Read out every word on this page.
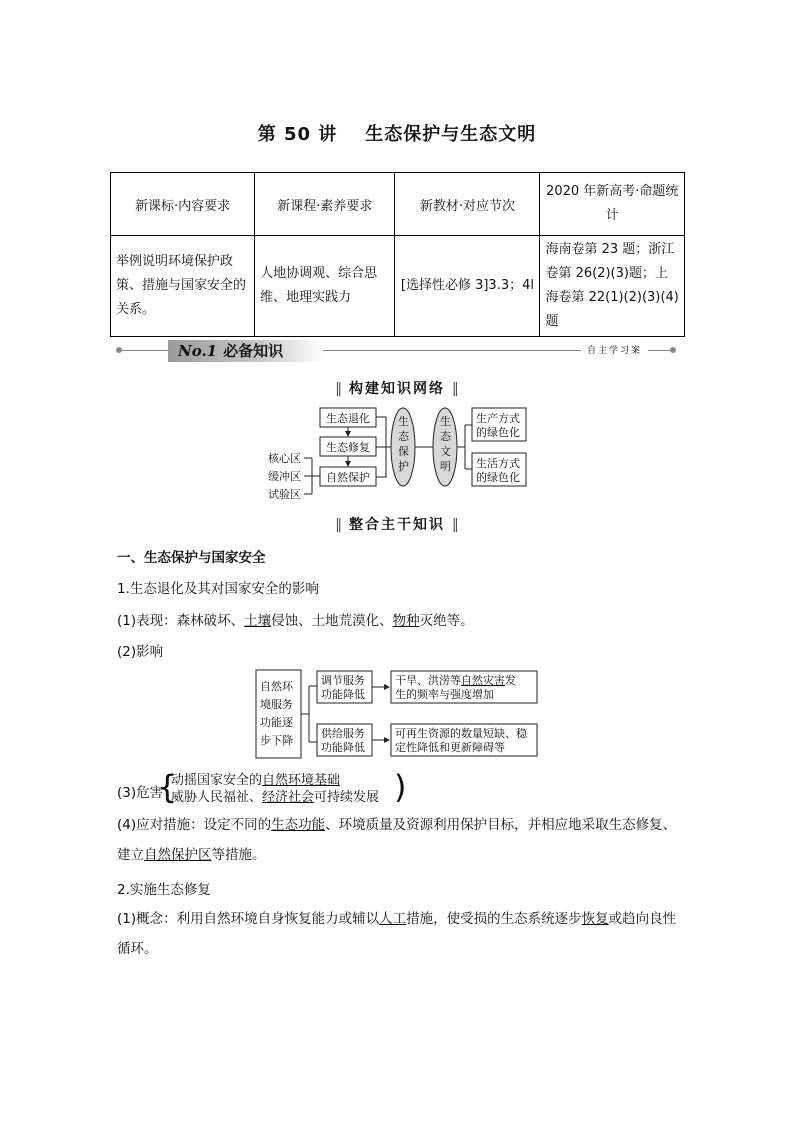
第 50 讲 生态保护与生态文明
新课标·内容要求	新课程·素养要求	新教材·对应节次	2020 年新高考·命题统计
举例说明环境保护政策、措施与国家安全的关系。	人地协调观、综合思维、地理实践力	[选择性必修 3]3.3；4l	海南卷第 23 题；浙江卷第 26(2)(3)题；上海卷第 22(1)(2)(3)(4)题
No.1 必备知识	自主学习案
‖ 构建知识网络 ‖
核心区
缓冲区
试验区
生态退化
生态修复
自然保护
生
态
保
护
生
态
文
明
生产方式
的绿色化
生活方式
的绿色化
‖ 整合主干知识 ‖
一、生态保护与国家安全
1.生态退化及其对国家安全的影响
(1)表现：森林破坏、土壤侵蚀、土地荒漠化、物种灭绝等。
(2)影响
自然环
境服务
功能逐
步下降
调节服务
功能降低
供给服务
功能降低
干旱、洪涝等自然灾害发
生的频率与强度增加
可再生资源的数量短缺、稳
定性降低和更新障碍等
(3)危害
{
动摇国家安全的自然环境基础
威胁人民福祉、经济社会可持续发展 )
(4)应对措施：设定不同的生态功能、环境质量及资源利用保护目标，并相应地采取生态修复、建立自然保护区等措施。
2.实施生态修复
(1)概念：利用自然环境自身恢复能力或辅以人工措施，使受损的生态系统逐步恢复或趋向良性循环。
